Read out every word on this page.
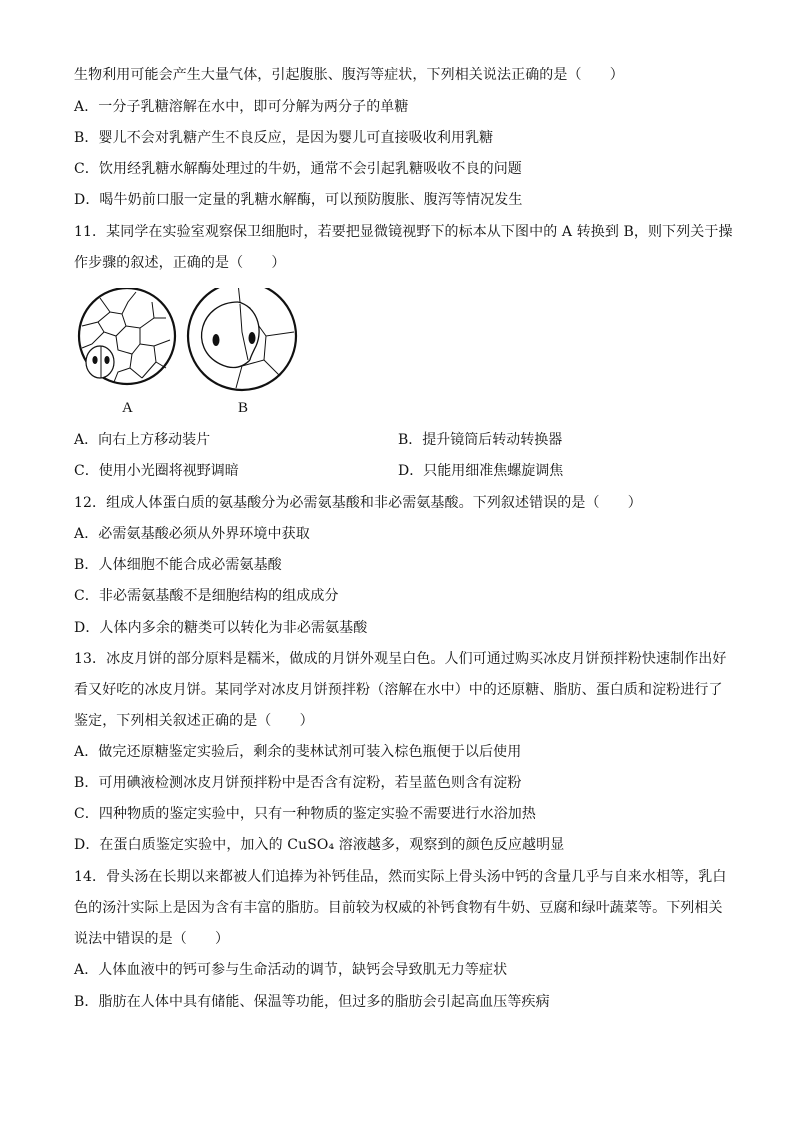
生物利用可能会产生大量气体，引起腹胀、腹泻等症状，下列相关说法正确的是（　　）
A．一分子乳糖溶解在水中，即可分解为两分子的单糖
B．婴儿不会对乳糖产生不良反应，是因为婴儿可直接吸收利用乳糖
C．饮用经乳糖水解酶处理过的牛奶，通常不会引起乳糖吸收不良的问题
D．喝牛奶前口服一定量的乳糖水解酶，可以预防腹胀、腹泻等情况发生
11．某同学在实验室观察保卫细胞时，若要把显微镜视野下的标本从下图中的 A 转换到 B，则下列关于操
作步骤的叙述，正确的是（　　）
A	B
A．向右上方移动装片	B．提升镜筒后转动转换器
C．使用小光圈将视野调暗	D．只能用细准焦螺旋调焦
12．组成人体蛋白质的氨基酸分为必需氨基酸和非必需氨基酸。下列叙述错误的是（　　）
A．必需氨基酸必须从外界环境中获取
B．人体细胞不能合成必需氨基酸
C．非必需氨基酸不是细胞结构的组成成分
D．人体内多余的糖类可以转化为非必需氨基酸
13．冰皮月饼的部分原料是糯米，做成的月饼外观呈白色。人们可通过购买冰皮月饼预拌粉快速制作出好
看又好吃的冰皮月饼。某同学对冰皮月饼预拌粉（溶解在水中）中的还原糖、脂肪、蛋白质和淀粉进行了
鉴定，下列相关叙述正确的是（　　）
A．做完还原糖鉴定实验后，剩余的斐林试剂可装入棕色瓶便于以后使用
B．可用碘液检测冰皮月饼预拌粉中是否含有淀粉，若呈蓝色则含有淀粉
C．四种物质的鉴定实验中，只有一种物质的鉴定实验不需要进行水浴加热
D．在蛋白质鉴定实验中，加入的 CuSO₄ 溶液越多，观察到的颜色反应越明显
14．骨头汤在长期以来都被人们追捧为补钙佳品，然而实际上骨头汤中钙的含量几乎与自来水相等，乳白
色的汤汁实际上是因为含有丰富的脂肪。目前较为权威的补钙食物有牛奶、豆腐和绿叶蔬菜等。下列相关
说法中错误的是（　　）
A．人体血液中的钙可参与生命活动的调节，缺钙会导致肌无力等症状
B．脂肪在人体中具有储能、保温等功能，但过多的脂肪会引起高血压等疾病
